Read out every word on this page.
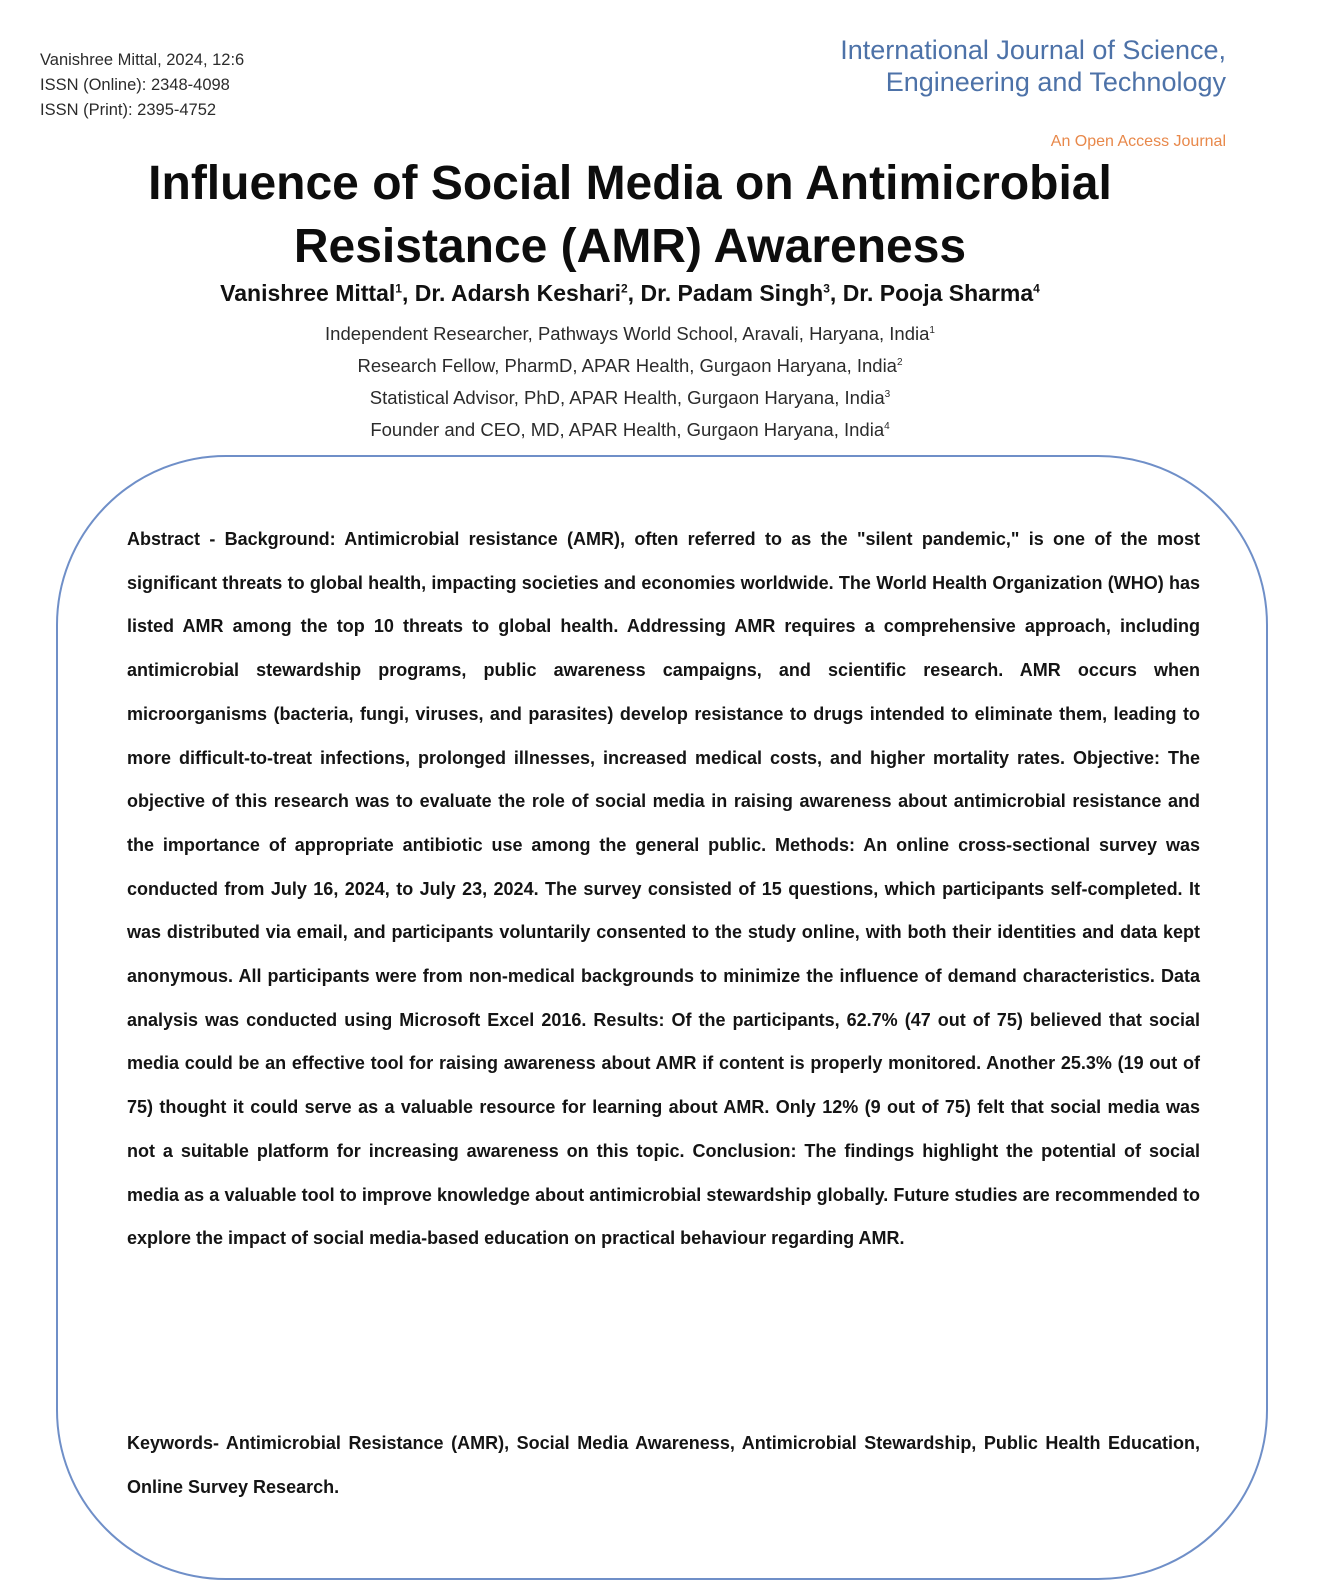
Vanishree Mittal, 2024, 12:6
ISSN (Online): 2348-4098
ISSN (Print): 2395-4752
International Journal of Science,
Engineering and Technology
An Open Access Journal
Influence of Social Media on Antimicrobial
Resistance (AMR) Awareness
Vanishree Mittal$^1$, Dr. Adarsh Keshari$^2$, Dr. Padam Singh$^3$, Dr. Pooja Sharma$^4$
Independent Researcher, Pathways World School, Aravali, Haryana, India$^1$
Research Fellow, PharmD, APAR Health, Gurgaon Haryana, India$^2$
Statistical Advisor, PhD, APAR Health, Gurgaon Haryana, India$^3$
Founder and CEO, MD, APAR Health, Gurgaon Haryana, India$^4$

Abstract - Background: Antimicrobial resistance (AMR), often referred to as the "silent pandemic," is one of the most significant threats to global health, impacting societies and economies worldwide. The World Health Organization (WHO) has listed AMR among the top 10 threats to global health. Addressing AMR requires a comprehensive approach, including antimicrobial stewardship programs, public awareness campaigns, and scientific research. AMR occurs when microorganisms (bacteria, fungi, viruses, and parasites) develop resistance to drugs intended to eliminate them, leading to more difficult-to-treat infections, prolonged illnesses, increased medical costs, and higher mortality rates. Objective: The objective of this research was to evaluate the role of social media in raising awareness about antimicrobial resistance and the importance of appropriate antibiotic use among the general public. Methods: An online cross-sectional survey was conducted from July 16, 2024, to July 23, 2024. The survey consisted of 15 questions, which participants self-completed. It was distributed via email, and participants voluntarily consented to the study online, with both their identities and data kept anonymous. All participants were from non-medical backgrounds to minimize the influence of demand characteristics. Data analysis was conducted using Microsoft Excel 2016. Results: Of the participants, 62.7% (47 out of 75) believed that social media could be an effective tool for raising awareness about AMR if content is properly monitored. Another 25.3% (19 out of 75) thought it could serve as a valuable resource for learning about AMR. Only 12% (9 out of 75) felt that social media was not a suitable platform for increasing awareness on this topic. Conclusion: The findings highlight the potential of social media as a valuable tool to improve knowledge about antimicrobial stewardship globally. Future studies are recommended to explore the impact of social media-based education on practical behaviour regarding AMR.

Keywords- Antimicrobial Resistance (AMR), Social Media Awareness, Antimicrobial Stewardship, Public Health Education, Online Survey Research.
